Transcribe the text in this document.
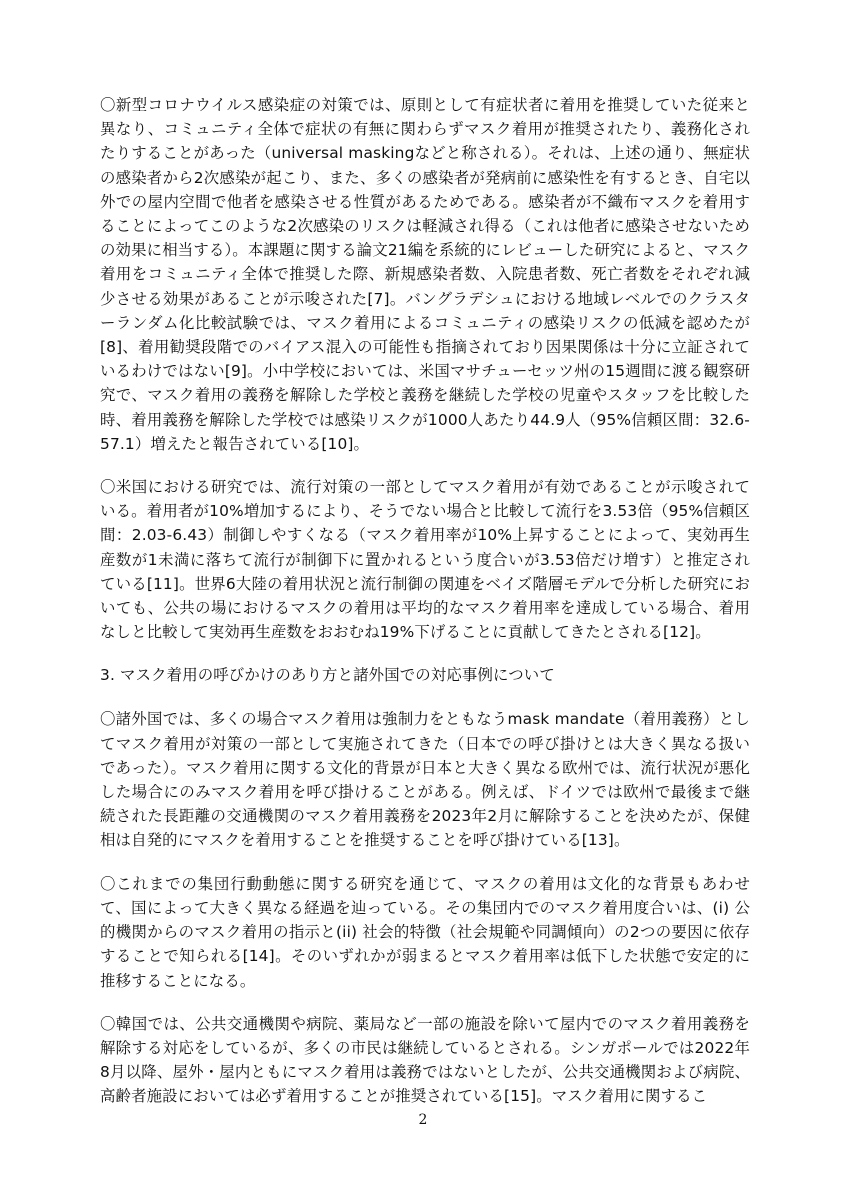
〇新型コロナウイルス感染症の対策では、原則として有症状者に着用を推奨していた従来と異なり、コミュニティ全体で症状の有無に関わらずマスク着用が推奨されたり、義務化されたりすることがあった（universal maskingなどと称される）。それは、上述の通り、無症状の感染者から2次感染が起こり、また、多くの感染者が発病前に感染性を有するとき、自宅以外での屋内空間で他者を感染させる性質があるためである。感染者が不織布マスクを着用することによってこのような2次感染のリスクは軽減され得る（これは他者に感染させないための効果に相当する）。本課題に関する論文21編を系統的にレビューした研究によると、マスク着用をコミュニティ全体で推奨した際、新規感染者数、入院患者数、死亡者数をそれぞれ減少させる効果があることが示唆された[7]。バングラデシュにおける地域レベルでのクラスターランダム化比較試験では、マスク着用によるコミュニティの感染リスクの低減を認めたが[8]、着用勧奨段階でのバイアス混入の可能性も指摘されており因果関係は十分に立証されているわけではない[9]。小中学校においては、米国マサチューセッツ州の15週間に渡る観察研究で、マスク着用の義務を解除した学校と義務を継続した学校の児童やスタッフを比較した時、着用義務を解除した学校では感染リスクが1000人あたり44.9人（95%信頼区間：32.6-57.1）増えたと報告されている[10]。

〇米国における研究では、流行対策の一部としてマスク着用が有効であることが示唆されている。着用者が10%増加するにより、そうでない場合と比較して流行を3.53倍（95%信頼区間：2.03-6.43）制御しやすくなる（マスク着用率が10%上昇することによって、実効再生産数が1未満に落ちて流行が制御下に置かれるという度合いが3.53倍だけ増す）と推定されている[11]。世界6大陸の着用状況と流行制御の関連をベイズ階層モデルで分析した研究においても、公共の場におけるマスクの着用は平均的なマスク着用率を達成している場合、着用なしと比較して実効再生産数をおおむね19%下げることに貢献してきたとされる[12]。

3. マスク着用の呼びかけのあり方と諸外国での対応事例について

〇諸外国では、多くの場合マスク着用は強制力をともなうmask mandate（着用義務）としてマスク着用が対策の一部として実施されてきた（日本での呼び掛けとは大きく異なる扱いであった）。マスク着用に関する文化的背景が日本と大きく異なる欧州では、流行状況が悪化した場合にのみマスク着用を呼び掛けることがある。例えば、ドイツでは欧州で最後まで継続された長距離の交通機関のマスク着用義務を2023年2月に解除することを決めたが、保健相は自発的にマスクを着用することを推奨することを呼び掛けている[13]。

〇これまでの集団行動動態に関する研究を通じて、マスクの着用は文化的な背景もあわせて、国によって大きく異なる経過を辿っている。その集団内でのマスク着用度合いは、(i) 公的機関からのマスク着用の指示と(ii) 社会的特徴（社会規範や同調傾向）の2つの要因に依存することで知られる[14]。そのいずれかが弱まるとマスク着用率は低下した状態で安定的に推移することになる。

〇韓国では、公共交通機関や病院、薬局など一部の施設を除いて屋内でのマスク着用義務を解除する対応をしているが、多くの市民は継続しているとされる。シンガポールでは2022年8月以降、屋外・屋内ともにマスク着用は義務ではないとしたが、公共交通機関および病院、高齢者施設においては必ず着用することが推奨されている[15]。マスク着用に関するこ

2
